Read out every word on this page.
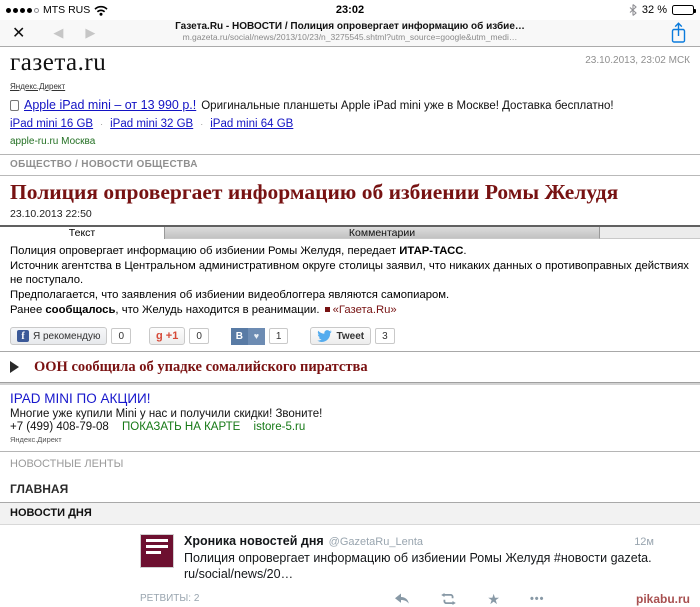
MTS RUS	23:02	32 %
✕ ◀ ▶	Газета.Ru - НОВОСТИ / Полиция опровергает информацию об избие…
m.gazeta.ru/social/news/2013/10/23/n_3275545.shtml?utm_source=google&utm_medi…
газета.ru	23.10.2013, 23:02 МСК
Яндекс.Директ
Apple iPad mini – от 13 990 р.! Оригинальные планшеты Apple iPad mini уже в Москве! Доставка бесплатно!
iPad mini 16 GB · iPad mini 32 GB · iPad mini 64 GB
apple-ru.ru Москва
ОБЩЕСТВО / НОВОСТИ ОБЩЕСТВА
Полиция опровергает информацию об избиении Ромы Желудя
23.10.2013 22:50
Текст	Комментарии

Полиция опровергает информацию об избиении Ромы Желудя, передает ИТАР-ТАСС.

Источник агентства в Центральном административном округе столицы заявил, что никаких данных о противоправных действиях не поступало.

Предполагается, что заявления об избиении видеоблоггера являются самопиаром.

Ранее сообщалось, что Желудь находится в реанимации. «Газета.Ru»

f Я рекомендую	0	g +1	0	В	♥	1	Tweet	3
ООН сообщила об упадке сомалийского пиратства
IPAD MINI ПО АКЦИИ!
Многие уже купили Mini у нас и получили скидки! Звоните!
+7 (499) 408-79-08 ПОКАЗАТЬ НА КАРТЕ istore-5.ru
Яндекс.Директ
НОВОСТНЫЕ ЛЕНТЫ
ГЛАВНАЯ
НОВОСТИ ДНЯ
Хроника новостей дня @GazetaRu_Lenta	12м
Полиция опровергает информацию об избиении Ромы Желудя #новости gazeta.ru/social/news/20…
РЕТВИТЫ: 2	★	•••	pikabu.ru
